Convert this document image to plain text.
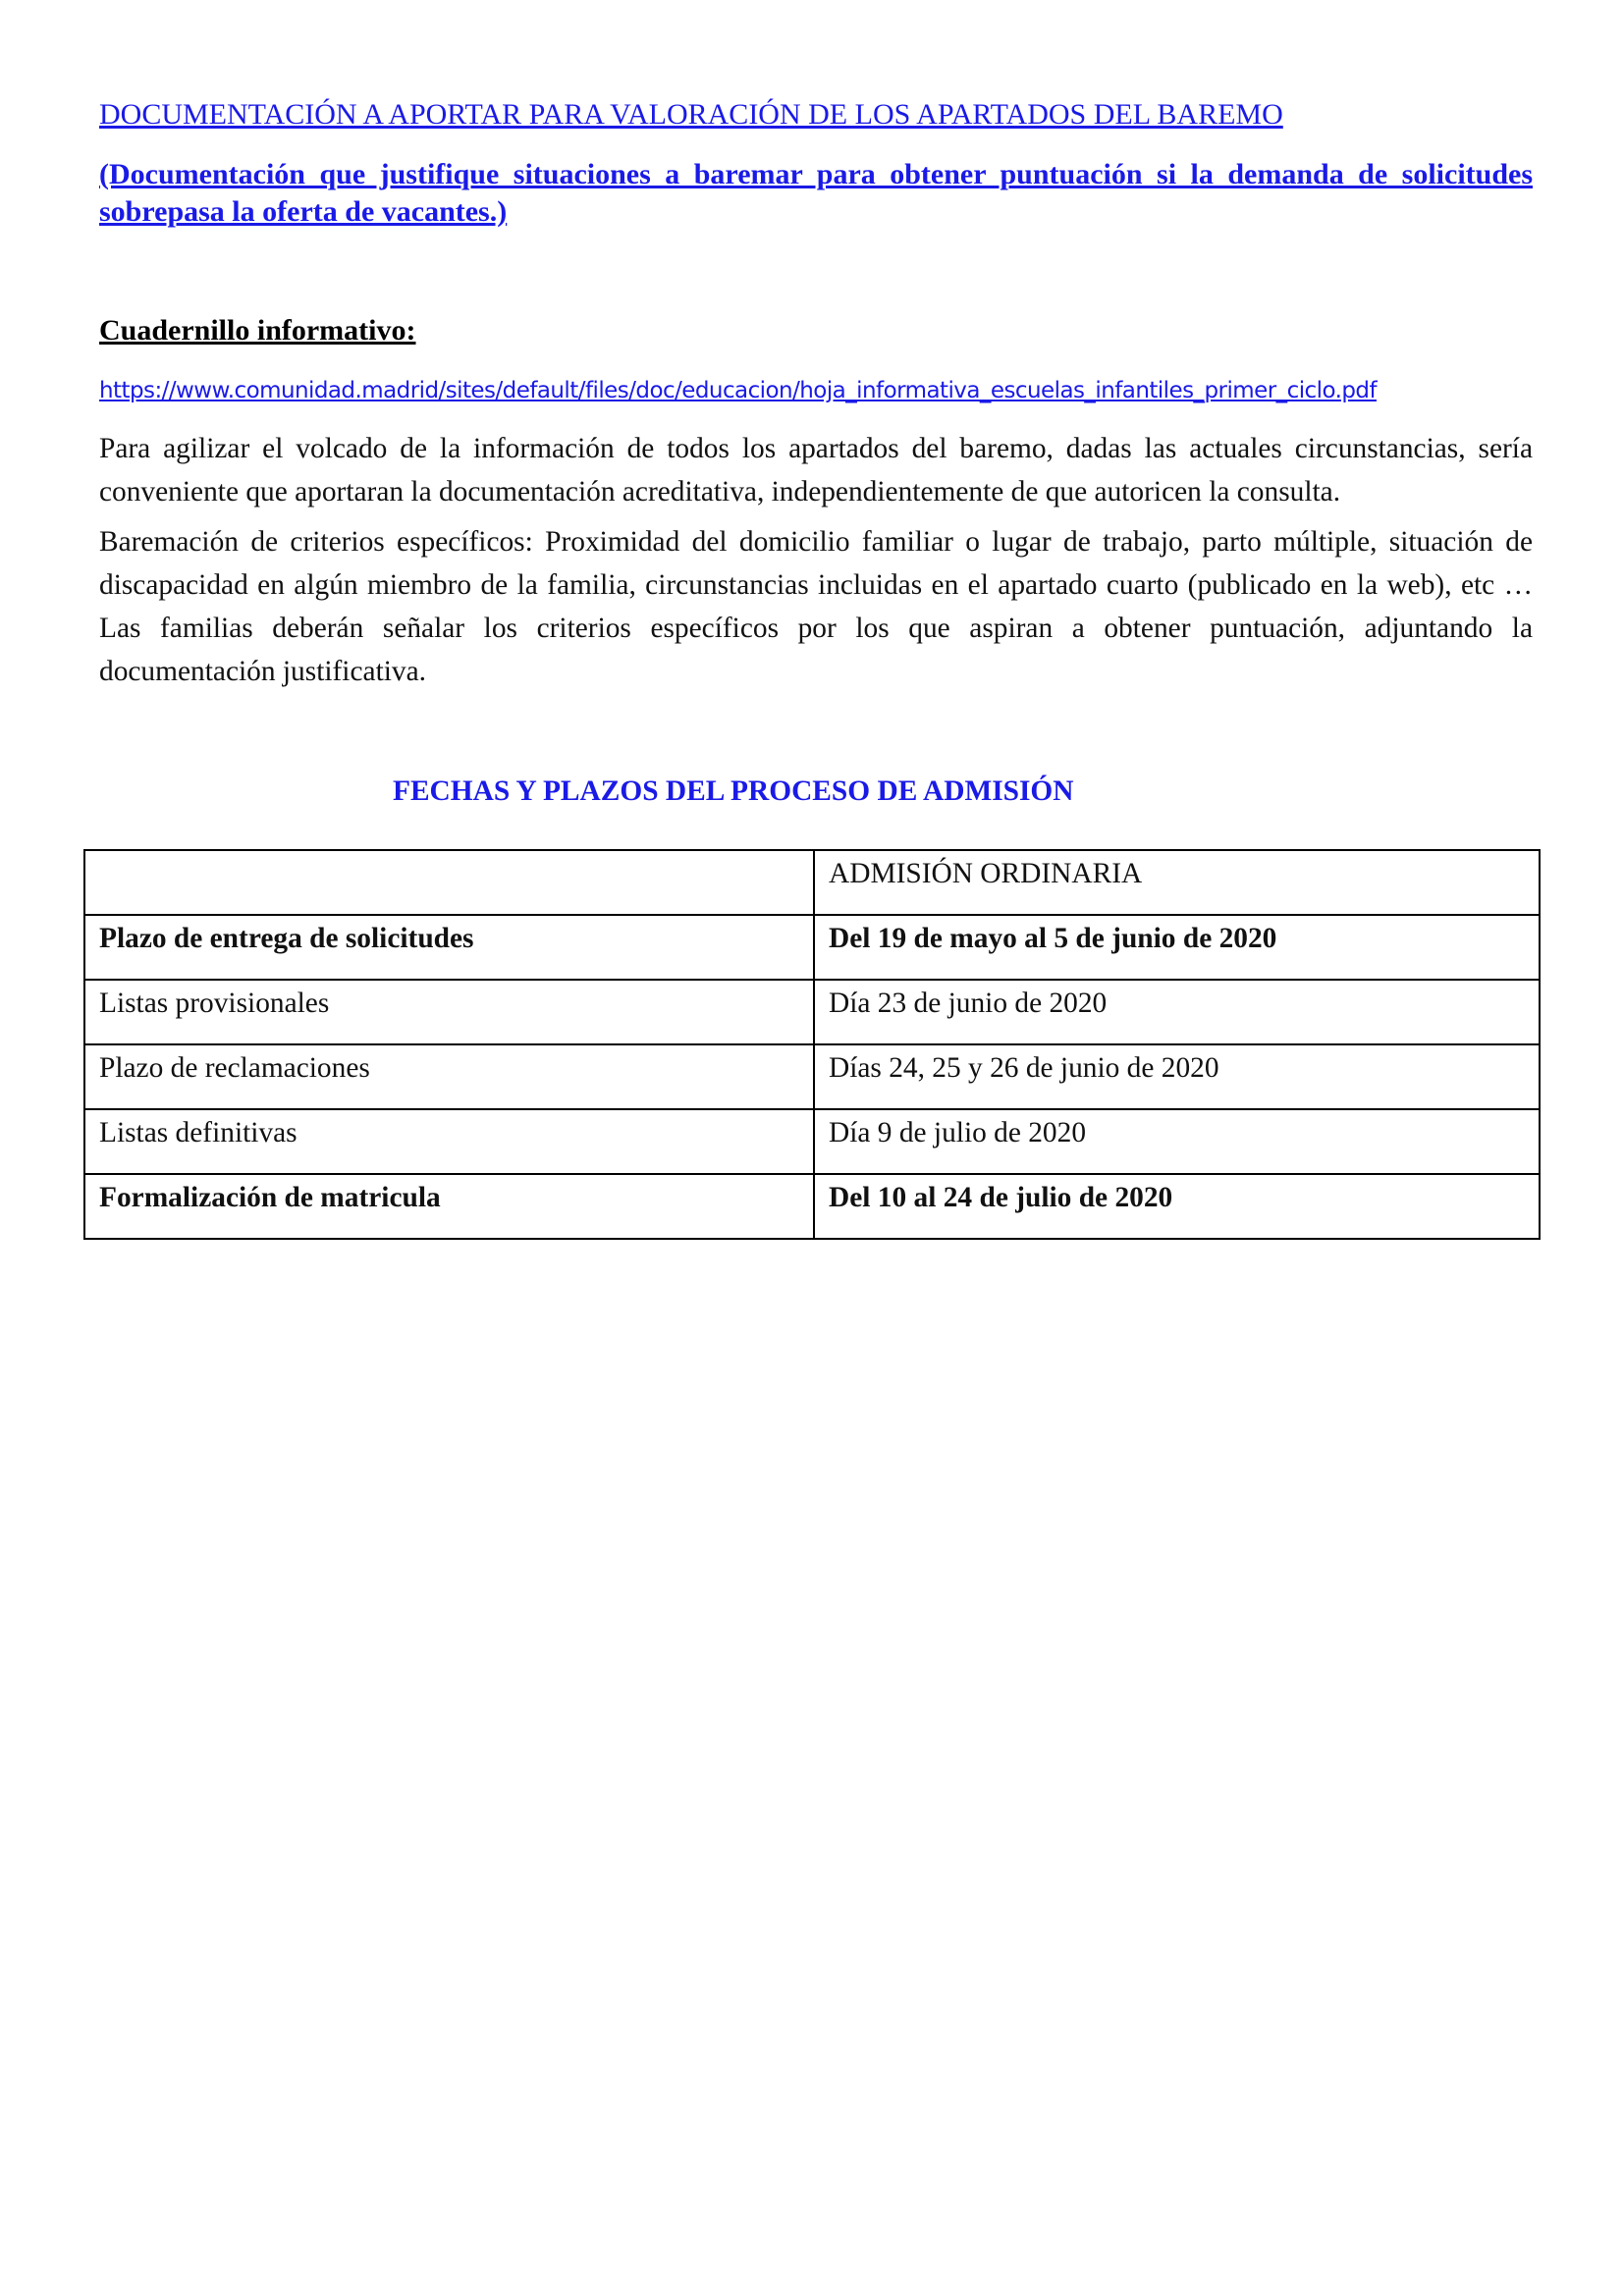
DOCUMENTACIÓN A APORTAR PARA VALORACIÓN DE LOS APARTADOS DEL BAREMO
(Documentación que justifique situaciones a baremar para obtener puntuación si la demanda de solicitudes sobrepasa la oferta de vacantes.)
Cuadernillo informativo:
https://www.comunidad.madrid/sites/default/files/doc/educacion/hoja_informativa_escuelas_infantiles_primer_ciclo.pdf
Para agilizar el volcado de la información de todos los apartados del baremo, dadas las actuales circunstancias, sería conveniente que aportaran la documentación acreditativa, independientemente de que autoricen la consulta.
Baremación de criterios específicos: Proximidad del domicilio familiar o lugar de trabajo, parto múltiple, situación de discapacidad en algún miembro de la familia, circunstancias incluidas en el apartado cuarto (publicado en la web), etc … Las familias deberán señalar los criterios específicos por los que aspiran a obtener puntuación, adjuntando la documentación justificativa.
FECHAS Y PLAZOS DEL PROCESO DE ADMISIÓN
	ADMISIÓN ORDINARIA
Plazo de entrega de solicitudes	Del 19 de mayo al 5 de junio de 2020
Listas provisionales	Día 23 de junio de 2020
Plazo de reclamaciones	Días 24, 25 y 26 de junio de 2020
Listas definitivas	Día 9 de julio de 2020
Formalización de matricula	Del 10 al 24 de julio de 2020
